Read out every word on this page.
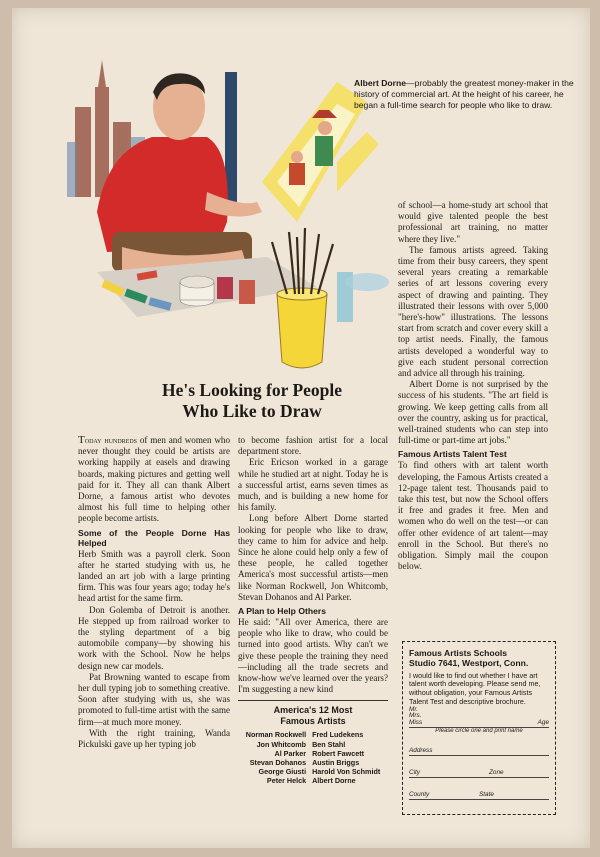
Albert Dorne—probably the greatest money-maker in the history of commercial art. At the height of his career, he began a full-time search for people who like to draw.
He's Looking for People
Who Like to Draw

Today hundreds of men and women who never thought they could be artists are working happily at easels and drawing boards, making pictures and getting well paid for it. They all can thank Albert Dorne, a famous artist who devotes almost his full time to helping other people become artists.

Some of the People Dorne Has Helped

Herb Smith was a payroll clerk. Soon after he started studying with us, he landed an art job with a large printing firm. This was four years ago; today he's head artist for the same firm.

Don Golemba of Detroit is another. He stepped up from railroad worker to the styling department of a big automobile company—by showing his work with the School. Now he helps design new car models.

Pat Browning wanted to escape from her dull typing job to something creative. Soon after studying with us, she was promoted to full-time artist with the same firm—at much more money.

With the right training, Wanda Pickulski gave up her typing job

to become fashion artist for a local department store.

Eric Ericson worked in a garage while he studied art at night. Today he is a successful artist, earns seven times as much, and is building a new home for his family.

Long before Albert Dorne started looking for people who like to draw, they came to him for advice and help. Since he alone could help only a few of these people, he called together America's most successful artists—men like Norman Rockwell, Jon Whitcomb, Stevan Dohanos and Al Parker.

A Plan to Help Others

He said: "All over America, there are people who like to draw, who could be turned into good artists. Why can't we give these people the training they need—including all the trade secrets and know-how we've learned over the years? I'm suggesting a new kind

America's 12 Most
Famous Artists
Norman Rockwell	Fred Ludekens
Jon Whitcomb	Ben Stahl
Al Parker	Robert Fawcett
Stevan Dohanos	Austin Briggs
George Giusti	Harold Von Schmidt
Peter Helck	Albert Dorne

of school—a home-study art school that would give talented people the best professional art training, no matter where they live."

The famous artists agreed. Taking time from their busy careers, they spent several years creating a remarkable series of art lessons covering every aspect of drawing and painting. They illustrated their lessons with over 5,000 "here's-how" illustrations. The lessons start from scratch and cover every skill a top artist needs. Finally, the famous artists developed a wonderful way to give each student personal correction and advice all through his training.

Albert Dorne is not surprised by the success of his students. "The art field is growing. We keep getting calls from all over the country, asking us for practical, well-trained students who can step into full-time or part-time art jobs."

Famous Artists Talent Test

To find others with art talent worth developing, the Famous Artists created a 12-page talent test. Thousands paid to take this test, but now the School offers it free and grades it free. Men and women who do well on the test—or can offer other evidence of art talent—may enroll in the School. But there's no obligation. Simply mail the coupon below.

Famous Artists Schools
Studio 7641, Westport, Conn.
I would like to find out whether I have art talent worth developing. Please send me, without obligation, your Famous Artists Talent Test and descriptive brochure.
Mr. Mrs. Miss	Age
Please circle one and print name
Address
City	Zone
County	State
